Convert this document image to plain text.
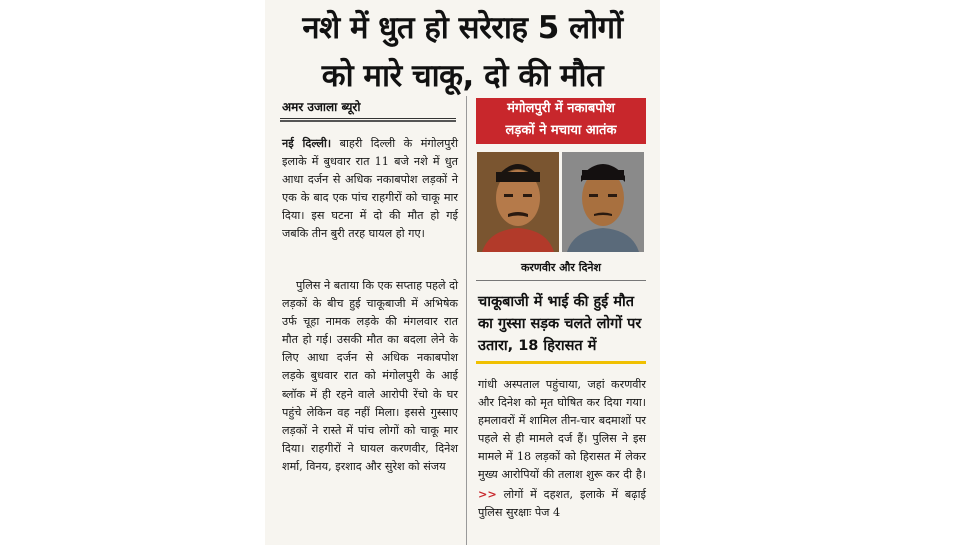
नशे में धुत हो सरेराह 5 लोगों
को मारे चाकू, दो की मौत
अमर उजाला ब्यूरो
नई दिल्ली। बाहरी दिल्ली के मंगोलपुरी इलाके में बुधवार रात 11 बजे नशे में धुत आधा दर्जन से अधिक नकाबपोश लड़कों ने एक के बाद एक पांच राहगीरों को चाकू मार दिया। इस घटना में दो की मौत हो गई जबकि तीन बुरी तरह घायल हो गए।
पुलिस ने बताया कि एक सप्ताह पहले दो लड़कों के बीच हुई चाकूबाजी में अभिषेक उर्फ चूहा नामक लड़के की मंगलवार रात मौत हो गई। उसकी मौत का बदला लेने के लिए आधा दर्जन से अधिक नकाबपोश लड़के बुधवार रात को मंगोलपुरी के आई ब्लॉक में ही रहने वाले आरोपी रेंचो के घर पहुंचे लेकिन वह नहीं मिला। इससे गुस्साए लड़कों ने रास्ते में पांच लोगों को चाकू मार दिया। राहगीरों ने घायल करणवीर, दिनेश शर्मा, विनय, इरशाद और सुरेश को संजय
मंगोलपुरी में नकाबपोश
लड़कों ने मचाया आतंक
करणवीर और दिनेश
चाकूबाजी में भाई की हुई मौत का गुस्सा सड़क चलते लोगों पर उतारा, 18 हिरासत में
गांधी अस्पताल पहुंचाया, जहां करणवीर और दिनेश को मृत घोषित कर दिया गया। हमलावरों में शामिल तीन-चार बदमाशों पर पहले से ही मामले दर्ज हैं। पुलिस ने इस मामले में 18 लड़कों को हिरासत में लेकर मुख्य आरोपियों की तलाश शुरू कर दी है। >> लोगों में दहशत, इलाके में बढ़ाई पुलिस सुरक्षाः पेज 4
